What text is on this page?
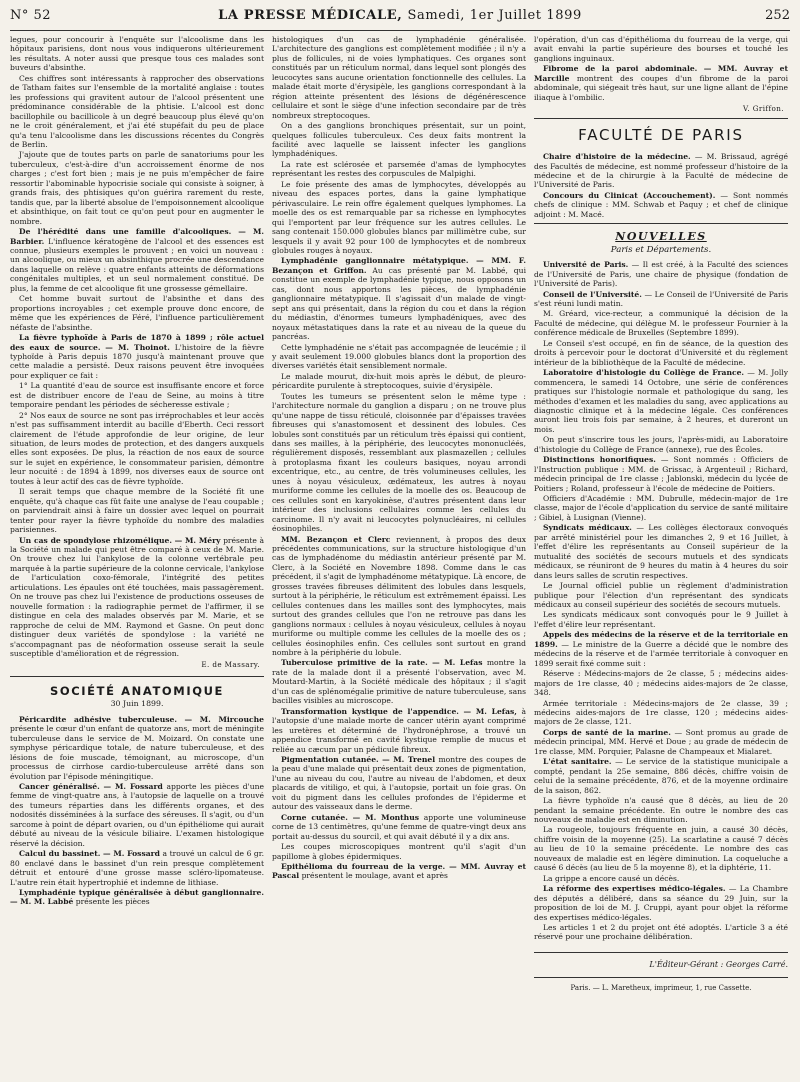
N° 52	LA PRESSE MÉDICALE, Samedi, 1er Juillet 1899	252

legues, pour concourir à l'enquête sur l'alcoolisme dans les hôpitaux parisiens, dont nous vous indiquerons ultérieurement les résultats. A noter aussi que presque tous ces malades sont buveurs d'absinthe.

Ces chiffres sont intéressants à rapprocher des observations de Tatham faites sur l'ensemble de la mortalité anglaise : toutes les professions qui gravitent autour de l'alcool présentent une prédominance considérable de la phtisie. L'alcool est donc bacillophile ou bacillicole à un degré beaucoup plus élevé qu'on ne le croit généralement, et j'ai été stupéfait du peu de place qu'a tenu l'alcoolisme dans les discussions récentes du Congrès de Berlin.

J'ajoute que de toutes parts on parle de sanatoriums pour les tuberculeux, c'est-à-dire d'un accroissement énorme de nos charges ; c'est fort bien ; mais je ne puis m'empêcher de faire ressortir l'abominable hypocrisie sociale qui consiste à soigner, à grands frais, des phtisiques qu'on guérira rarement du reste, tandis que, par la liberté absolue de l'empoisonnement alcoolique et absinthique, on fait tout ce qu'on peut pour en augmenter le nombre.

De l'hérédité dans une famille d'alcooliques. — M. Barbier. L'influence kératogène de l'alcool et des essences est connue, plusieurs exemples le prouvent ; en voici un nouveau : un alcoolique, ou mieux un absinthique procrée une descendance dans laquelle on relève : quatre enfants atteints de déformations congénitales multiples, et un seul normalement constitué. De plus, la femme de cet alcoolique fit une grossesse gémellaire.

Cet homme buvait surtout de l'absinthe et dans des proportions incroyables ; cet exemple prouve donc encore, de même que les expériences de Féré, l'influence particulièrement néfaste de l'absinthe.

La fièvre typhoïde à Paris de 1870 à 1899 ; rôle actuel des eaux de source. — M. Thoinot. L'histoire de la fièvre typhoïde à Paris depuis 1870 jusqu'à maintenant prouve que cette maladie a persisté. Deux raisons peuvent être invoquées pour expliquer ce fait :

1° La quantité d'eau de source est insuffisante encore et force est de distribuer encore de l'eau de Seine, au moins à titre temporaire pendant les périodes de sécheresse estivale ;

2° Nos eaux de source ne sont pas irréprochables et leur accès n'est pas suffisamment interdit au bacille d'Eberth. Ceci ressort clairement de l'étude approfondie de leur origine, de leur situation, de leurs modes de protection, et des dangers auxquels elles sont exposées. De plus, la réaction de nos eaux de source sur le sujet en expérience, le consommateur parisien, démontre leur nocuité : de 1894 à 1899, nos diverses eaux de source ont toutes à leur actif des cas de fièvre typhoïde.

Il serait temps que chaque membre de la Société fît une enquête, qu'à chaque cas fût faite une analyse de l'eau coupable ; on parviendrait ainsi à faire un dossier avec lequel on pourrait tenter pour rayer la fièvre typhoïde du nombre des maladies parisiennes.

Un cas de spondylose rhizomélique. — M. Méry présente à la Société un malade qui peut être comparé à ceux de M. Marie. On trouve chez lui l'ankylose de la colonne vertébrale peu marquée à la partie supérieure de la colonne cervicale, l'ankylose de l'articulation coxo-fémorale, l'intégrité des petites articulations. Les épaules ont été touchées, mais passagèrement. On ne trouve pas chez lui l'existence de productions osseuses de nouvelle formation : la radiographie permet de l'affirmer, il se distingue en cela des malades observés par M. Marie, et se rapproche de celui de MM. Raymond et Gasne. On peut donc distinguer deux variétés de spondylose : la variété ne s'accompagnant pas de néoformation osseuse serait la seule susceptible d'amélioration et de régression.

E. de Massary.
SOCIÉTÉ ANATOMIQUE
30 Juin 1899.

Péricardite adhésive tuberculeuse. — M. Mircouche présente le cœur d'un enfant de quatorze ans, mort de méningite tuberculeuse dans le service de M. Moizard. On constate une symphyse péricardique totale, de nature tuberculeuse, et des lésions de foie muscade, témoignant, au microscope, d'un processus de cirrhose cardio-tuberculeuse arrêté dans son évolution par l'épisode méningitique.

Cancer généralisé. — M. Fossard apporte les pièces d'une femme de vingt-quatre ans, à l'autopsie de laquelle on a trouvé des tumeurs réparties dans les différents organes, et des nodosités disséminées à la surface des séreuses. Il s'agit, ou d'un sarcome à point de départ ovarien, ou d'un épithéliome qui aurait débuté au niveau de la vésicule biliaire. L'examen histologique réservé la décision.

Calcul du bassinet. — M. Fossard a trouvé un calcul de 6 gr. 80 enclavé dans le bassinet d'un rein presque complètement détruit et entouré d'une grosse masse scléro-lipomateuse. L'autre rein était hypertrophié et indemne de lithiase.

Lymphadénie typique généralisée à début ganglionnaire. — M. M. Labbé présente les pièces

histologiques d'un cas de lymphadénie généralisée. L'architecture des ganglions est complètement modifiée ; il n'y a plus de follicules, ni de voies lymphatiques. Ces organes sont constitués par un réticulum normal, dans lequel sont plongés des leucocytes sans aucune orientation fonctionnelle des cellules. La malade était morte d'érysipèle, les ganglions correspondant à la région atteinte présentent des lésions de dégénérescence cellulaire et sont le siège d'une infection secondaire par de très nombreux streptocoques.

On a des ganglions bronchiques présentait, sur un point, quelques follicules tuberculeux. Ces deux faits montrent la facilité avec laquelle se laissent infecter les ganglions lymphadéniques.

La rate est sclérosée et parsemée d'amas de lymphocytes représentant les restes des corpuscules de Malpighi.

Le foie présente des amas de lymphocytes, développés au niveau des espaces portes, dans la gaine lymphatique périvasculaire. Le rein offre également quelques lymphomes. La moelle des os est remarquable par sa richesse en lymphocytes qui l'emportent par leur fréquence sur les autres cellules. Le sang contenait 150.000 globules blancs par millimètre cube, sur lesquels il y avait 92 pour 100 de lymphocytes et de nombreux globules rouges à noyaux.

Lymphadénie ganglionnaire métatypique. — MM. F. Bezançon et Griffon. Au cas présenté par M. Labbé, qui constitue un exemple de lymphadénie typique, nous opposons un cas, dont nous apportons les pièces, de lymphadénie ganglionnaire métatypique. Il s'agissait d'un malade de vingt-sept ans qui présentait, dans la région du cou et dans la région du médiastin, d'énormes tumeurs lymphadéniques, avec des noyaux métastatiques dans la rate et au niveau de la queue du pancréas.

Cette lymphadénie ne s'était pas accompagnée de leucémie ; il y avait seulement 19.000 globules blancs dont la proportion des diverses variétés était sensiblement normale.

Le malade mourut, dix-huit mois après le début, de pleuro-péricardite purulente à streptocoques, suivie d'érysipèle.

Toutes les tumeurs se présentent selon le même type : l'architecture normale du ganglion a disparu ; on ne trouve plus qu'une nappe de tissu réticulé, cloisonnée par d'épaisses travées fibreuses qui s'anastomosent et dessinent des lobules. Ces lobules sont constitués par un réticulum très épaissi qui contient, dans ses mailles, à la périphérie, des leucocytes mononucléés, régulièrement disposés, ressemblant aux plasmazellen ; cellules à protoplasma fixant les couleurs basiques, noyau arrondi excentrique, etc., au centre, de très volumineuses cellules, les unes à noyau vésiculeux, œdémateux, les autres à noyau muriforme comme les cellules de la moelle des os. Beaucoup de ces cellules sont en karyokinèse, d'autres présentent dans leur intérieur des inclusions cellulaires comme les cellules du carcinome. Il n'y avait ni leucocytes polynucléaires, ni cellules éosinophiles.

MM. Bezançon et Clerc reviennent, à propos des deux précédentes communications, sur la structure histologique d'un cas de lymphadénome du médiastin antérieur présenté par M. Clerc, à la Société en Novembre 1898. Comme dans le cas précédent, il s'agit de lymphadénome métatypique. Là encore, de grosses travées fibreuses délimitent des lobules dans lesquels, surtout à la périphérie, le réticulum est extrêmement épaissi. Les cellules contenues dans les mailles sont des lymphocytes, mais surtout des grandes cellules que l'on ne retrouve pas dans les ganglions normaux : cellules à noyau vésiculeux, cellules à noyau muriforme ou multiple comme les cellules de la moelle des os ; cellules éosinophiles enfin. Ces cellules sont surtout en grand nombre à la périphérie du lobule.

Tuberculose primitive de la rate. — M. Lefas montre la rate de la malade dont il a présenté l'observation, avec M. Moutard-Martin, à la Société médicale des hôpitaux ; il s'agit d'un cas de splénomégalie primitive de nature tuberculeuse, sans bacilles visibles au microscope.

Transformation kystique de l'appendice. — M. Lefas, à l'autopsie d'une malade morte de cancer utérin ayant comprimé les uretères et déterminé de l'hydronéphrose, a trouvé un appendice transformé en cavité kystique remplie de mucus et reliée au cæcum par un pédicule fibreux.

Pigmentation cutanée. — M. Trenel montre des coupes de la peau d'une malade qui présentait deux zones de pigmentation, l'une au niveau du cou, l'autre au niveau de l'abdomen, et deux placards de vitiligo, et qui, à l'autopsie, portait un foie gras. On voit du pigment dans les cellules profondes de l'épiderme et autour des vaisseaux dans le derme.

Corne cutanée. — M. Monthus apporte une volumineuse corne de 13 centimètres, qu'une femme de quatre-vingt deux ans portait au-dessus du sourcil, et qui avait débuté il y a dix ans.

Les coupes microscopiques montrent qu'il s'agit d'un papillome à globes épidermiques.

Epithélioma du fourreau de la verge. — MM. Auvray et Pascal présentent le moulage, avant et après

l'opération, d'un cas d'épithélioma du fourreau de la verge, qui avait envahi la partie supérieure des bourses et touché les ganglions inguinaux.

Fibrome de la paroi abdominale. — MM. Auvray et Marcille montrent des coupes d'un fibrome de la paroi abdominale, qui siégeait très haut, sur une ligne allant de l'épine iliaque à l'ombilic.

V. Griffon.
FACULTÉ DE PARIS

Chaire d'histoire de la médecine. — M. Brissaud, agrégé des Facultés de médecine, est nommé professeur d'histoire de la médecine et de la chirurgie à la Faculté de médecine de l'Université de Paris.

Concours du Clinicat (Accouchement). — Sont nommés chefs de clinique : MM. Schwab et Paquy ; et chef de clinique adjoint : M. Macé.

NOUVELLES
Paris et Départements.

Université de Paris. — Il est créé, à la Faculté des sciences de l'Université de Paris, une chaire de physique (fondation de l'Université de Paris).

Conseil de l'Université. — Le Conseil de l'Université de Paris s'est réuni lundi matin.

M. Gréard, vice-recteur, a communiqué la décision de la Faculté de médecine, qui délègue M. le professeur Fournier à la conférence médicale de Bruxelles (Septembre 1899).

Le Conseil s'est occupé, en fin de séance, de la question des droits à percevoir pour le doctorat d'Université et du règlement intérieur de la bibliothèque de la Faculté de médecine.

Laboratoire d'histologie du Collège de France. — M. Jolly commencera, le samedi 14 Octobre, une série de conférences pratiques sur l'histologie normale et pathologique du sang, les méthodes d'examen et les maladies du sang, avec applications au diagnostic clinique et à la médecine légale. Ces conférences auront lieu trois fois par semaine, à 2 heures, et dureront un mois.

On peut s'inscrire tous les jours, l'après-midi, au Laboratoire d'histologie du Collège de France (annexe), rue des Écoles.

Distinctions honorifiques. — Sont nommés : Officiers de l'Instruction publique : MM. de Grissac, à Argenteuil ; Richard, médecin principal de 1re classe ; Jablonski, médecin du lycée de Poitiers ; Roland, professeur à l'école de médecine de Poitiers.

Officiers d'Académie : MM. Dubrulle, médecin-major de 1re classe, major de l'école d'application du service de santé militaire ; Gibiel, à Lusignan (Vienne).

Syndicats médicaux. — Les collèges électoraux convoqués par arrêté ministériel pour les dimanches 2, 9 et 16 Juillet, à l'effet d'élire les représentants au Conseil supérieur de la mutualité des sociétés de secours mutuels et des syndicats médicaux, se réuniront de 9 heures du matin à 4 heures du soir dans leurs salles de scrutin respectives.

Le Journal officiel publie un règlement d'administration publique pour l'élection d'un représentant des syndicats médicaux au conseil supérieur des sociétés de secours mutuels.

Les syndicats médicaux sont convoqués pour le 9 Juillet à l'effet d'élire leur représentant.

Appels des médecins de la réserve et de la territoriale en 1899. — Le ministre de la Guerre a décidé que le nombre des médecins de la réserve et de l'armée territoriale à convoquer en 1899 serait fixé comme suit :

Réserve : Médecins-majors de 2e classe, 5 ; médecins aides-majors de 1re classe, 40 ; médecins aides-majors de 2e classe, 348.

Armée territoriale : Médecins-majors de 2e classe, 39 ; médecins aides-majors de 1re classe, 120 ; médecins aides-majors de 2e classe, 121.

Corps de santé de la marine. — Sont promus au grade de médecin principal, MM. Hervé et Doue ; au grade de médecin de 1re classe, MM. Porquier, Palasne de Champeaux et Mialaret.

L'état sanitaire. — Le service de la statistique municipale a compté, pendant la 25e semaine, 886 décès, chiffre voisin de celui de la semaine précédente, 876, et de la moyenne ordinaire de la saison, 862.

La fièvre typhoïde n'a causé que 8 décès, au lieu de 20 pendant la semaine précédente. En outre le nombre des cas nouveaux de maladie est en diminution.

La rougeole, toujours fréquente en juin, a causé 30 décès, chiffre voisin de la moyenne (25). La scarlatine a causé 7 décès au lieu de 10 la semaine précédente. Le nombre des cas nouveaux de maladie est en légère diminution. La coqueluche a causé 6 décès (au lieu de 5 la moyenne 8), et la diphtérie, 11.

La grippe a encore causé un décès.

La réforme des expertises médico-légales. — La Chambre des députés a délibéré, dans sa séance du 29 Juin, sur la proposition de loi de M. J. Cruppi, ayant pour objet la réforme des expertises médico-légales.

Les articles 1 et 2 du projet ont été adoptés. L'article 3 a été réservé pour une prochaine délibération.

L'Éditeur-Gérant : Georges Carré.
Paris. — L. Maretheux, imprimeur, 1, rue Cassette.
